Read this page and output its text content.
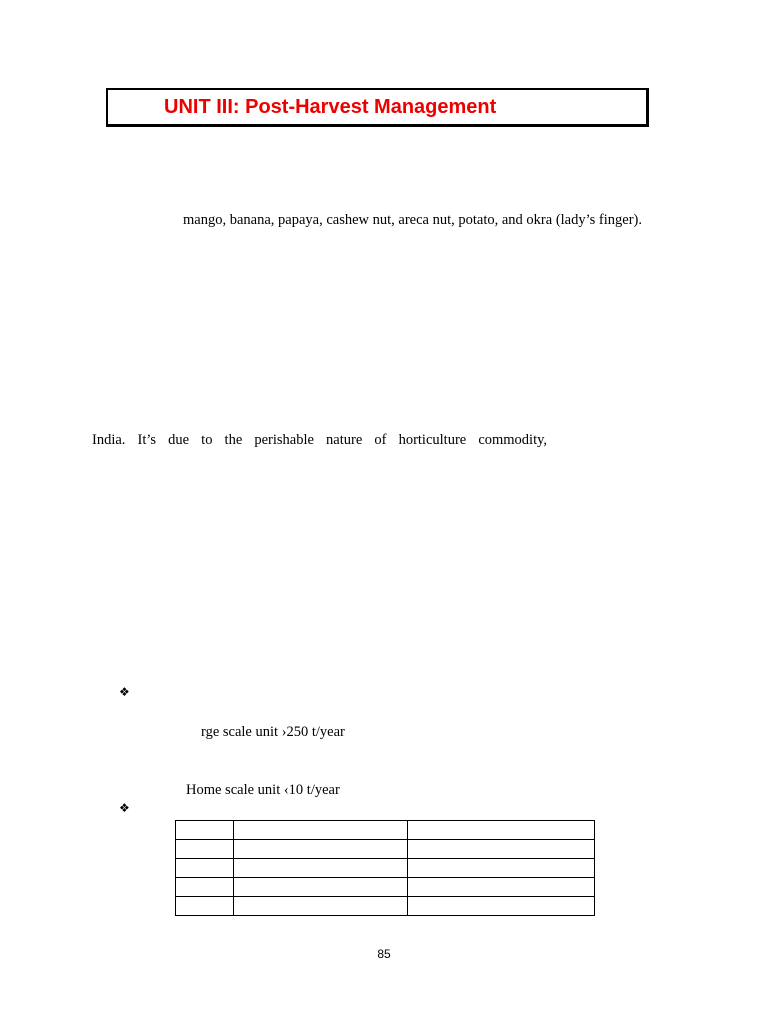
UNIT III: Post-Harvest Management
mango, banana, papaya, cashew nut, areca nut, potato, and okra (lady’s finger).
India. It’s due to the perishable nature of horticulture commodity,
❖
rge scale unit ›250 t/year
Home scale unit ‹10 t/year
❖

85
